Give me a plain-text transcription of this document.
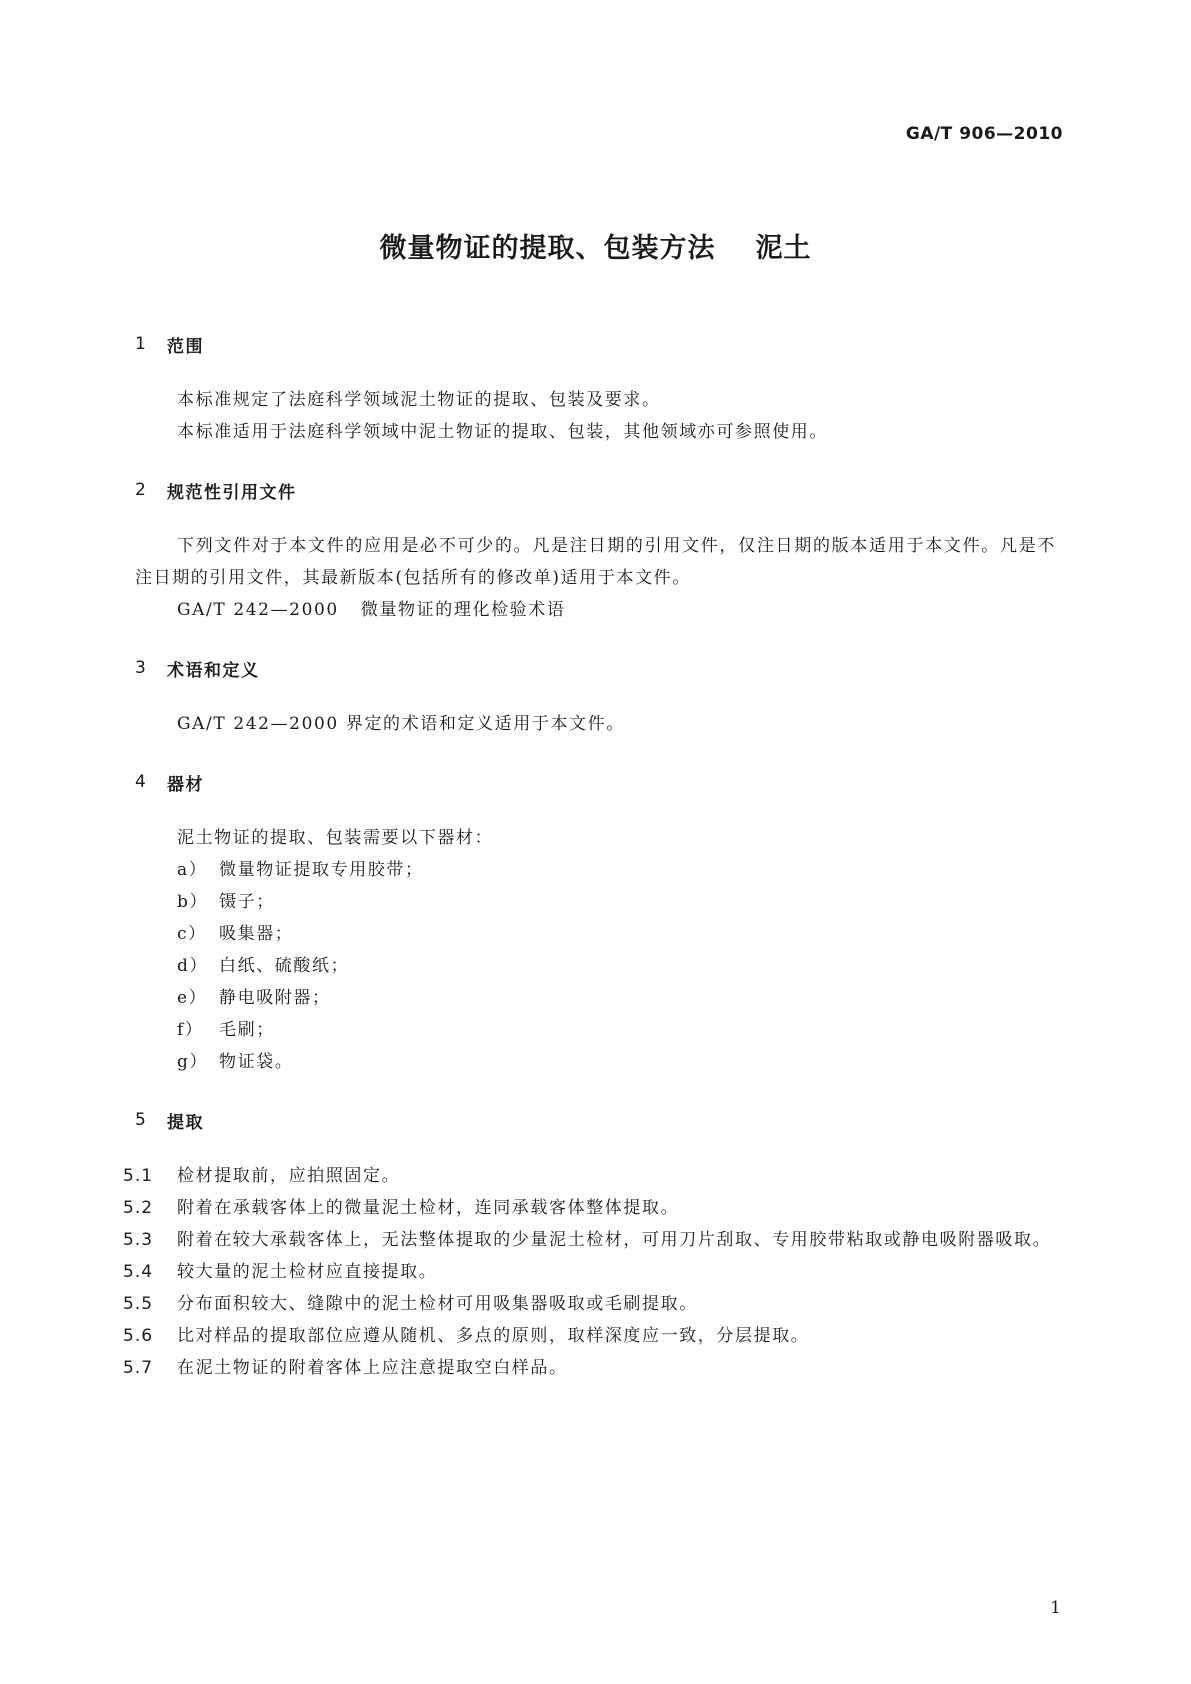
GA/T 906—2010
微量物证的提取、包装方法 泥土
1	范围

本标准规定了法庭科学领域泥土物证的提取、包装及要求。

本标准适用于法庭科学领域中泥土物证的提取、包装，其他领域亦可参照使用。

2	规范性引用文件

下列文件对于本文件的应用是必不可少的。凡是注日期的引用文件，仅注日期的版本适用于本文件。凡是不注日期的引用文件，其最新版本(包括所有的修改单)适用于本文件。

GA/T 242—2000 微量物证的理化检验术语

3	术语和定义

GA/T 242—2000 界定的术语和定义适用于本文件。

4	器材

泥土物证的提取、包装需要以下器材：

a） 微量物证提取专用胶带；
b） 镊子；
c） 吸集器；
d） 白纸、硫酸纸；
e） 静电吸附器；
f） 毛刷；
g） 物证袋。
5	提取

5.1 检材提取前，应拍照固定。

5.2 附着在承载客体上的微量泥土检材，连同承载客体整体提取。

5.3 附着在较大承载客体上，无法整体提取的少量泥土检材，可用刀片刮取、专用胶带粘取或静电吸附器吸取。

5.4 较大量的泥土检材应直接提取。

5.5 分布面积较大、缝隙中的泥土检材可用吸集器吸取或毛刷提取。

5.6 比对样品的提取部位应遵从随机、多点的原则，取样深度应一致，分层提取。

5.7 在泥土物证的附着客体上应注意提取空白样品。

1
